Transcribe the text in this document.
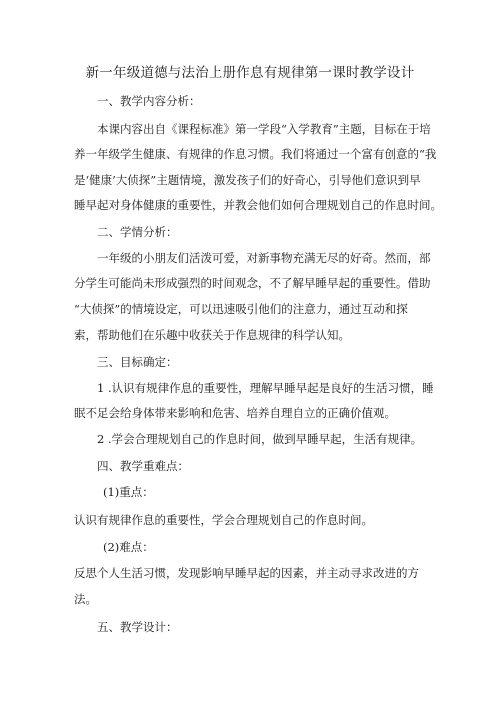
新一年级道德与法治上册作息有规律第一课时教学设计
一、教学内容分析：
本课内容出自《课程标准》第一学段“入学教育”主题，目标在于培
养一年级学生健康、有规律的作息习惯。我们将通过一个富有创意的“我
是‘健康’大侦探”主题情境，激发孩子们的好奇心，引导他们意识到早
睡早起对身体健康的重要性，并教会他们如何合理规划自己的作息时间。
二、学情分析：
一年级的小朋友们活泼可爱，对新事物充满无尽的好奇。然而，部
分学生可能尚未形成强烈的时间观念，不了解早睡早起的重要性。借助
“大侦探”的情境设定，可以迅速吸引他们的注意力，通过互动和探
索，帮助他们在乐趣中收获关于作息规律的科学认知。
三、目标确定：
1 .认识有规律作息的重要性，理解早睡早起是良好的生活习惯，睡
眠不足会给身体带来影响和危害、培养自理自立的正确价值观。
2 .学会合理规划自己的作息时间，做到早睡早起，生活有规律。
四、教学重难点：
(1)重点：
认识有规律作息的重要性，学会合理规划自己的作息时间。
(2)难点：
反思个人生活习惯，发现影响早睡早起的因素，并主动寻求改进的方
法。
五、教学设计：
